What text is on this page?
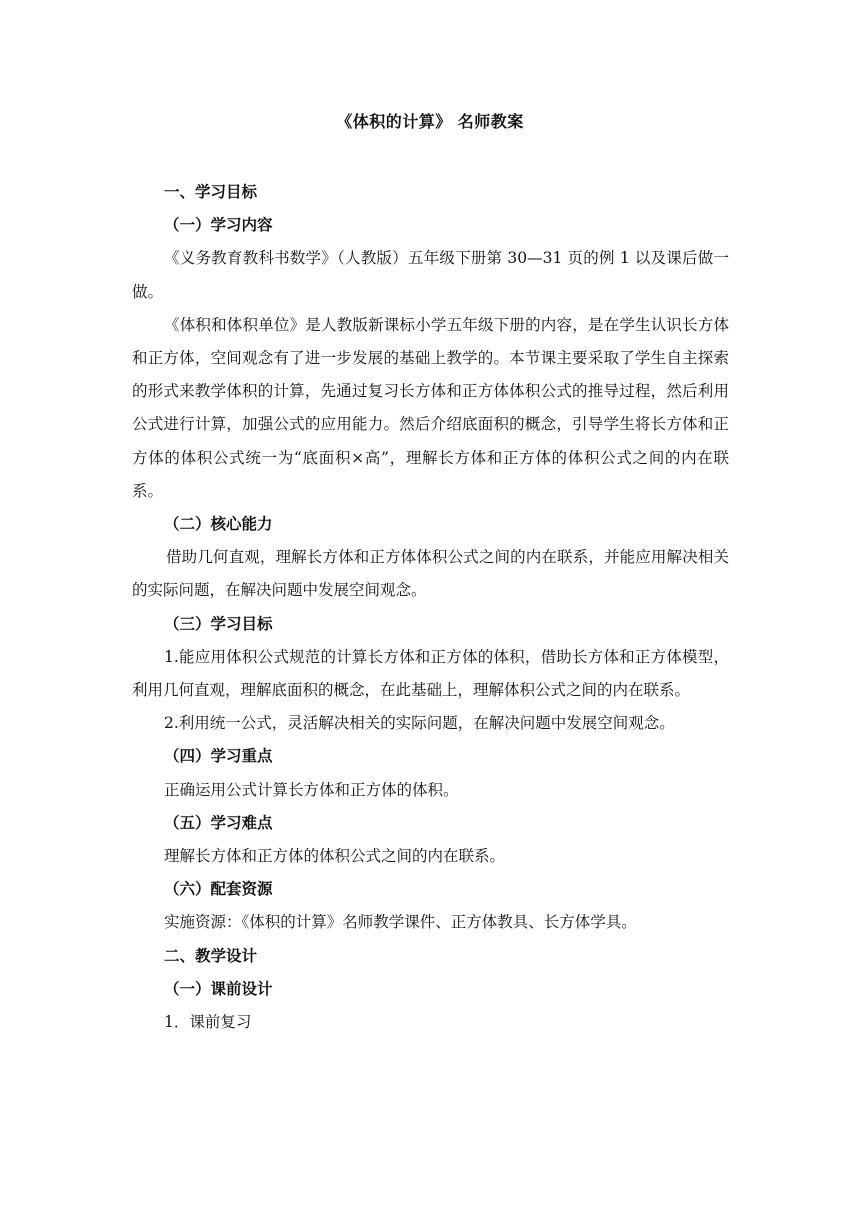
《体积的计算》 名师教案

一、学习目标

（一）学习内容

《义务教育教科书数学》（人教版）五年级下册第 30—31 页的例 1 以及课后做一做。

《体积和体积单位》是人教版新课标小学五年级下册的内容，是在学生认识长方体和正方体，空间观念有了进一步发展的基础上教学的。本节课主要采取了学生自主探索的形式来教学体积的计算，先通过复习长方体和正方体体积公式的推导过程，然后利用公式进行计算，加强公式的应用能力。然后介绍底面积的概念，引导学生将长方体和正方体的体积公式统一为“底面积×高”，理解长方体和正方体的体积公式之间的内在联系。

（二）核心能力

借助几何直观，理解长方体和正方体体积公式之间的内在联系，并能应用解决相关的实际问题，在解决问题中发展空间观念。

（三）学习目标

1.能应用体积公式规范的计算长方体和正方体的体积，借助长方体和正方体模型，利用几何直观，理解底面积的概念，在此基础上，理解体积公式之间的内在联系。

2.利用统一公式，灵活解决相关的实际问题，在解决问题中发展空间观念。

（四）学习重点

正确运用公式计算长方体和正方体的体积。

（五）学习难点

理解长方体和正方体的体积公式之间的内在联系。

（六）配套资源

实施资源：《体积的计算》名师教学课件、正方体教具、长方体学具。

二、教学设计

（一）课前设计

1．课前复习
